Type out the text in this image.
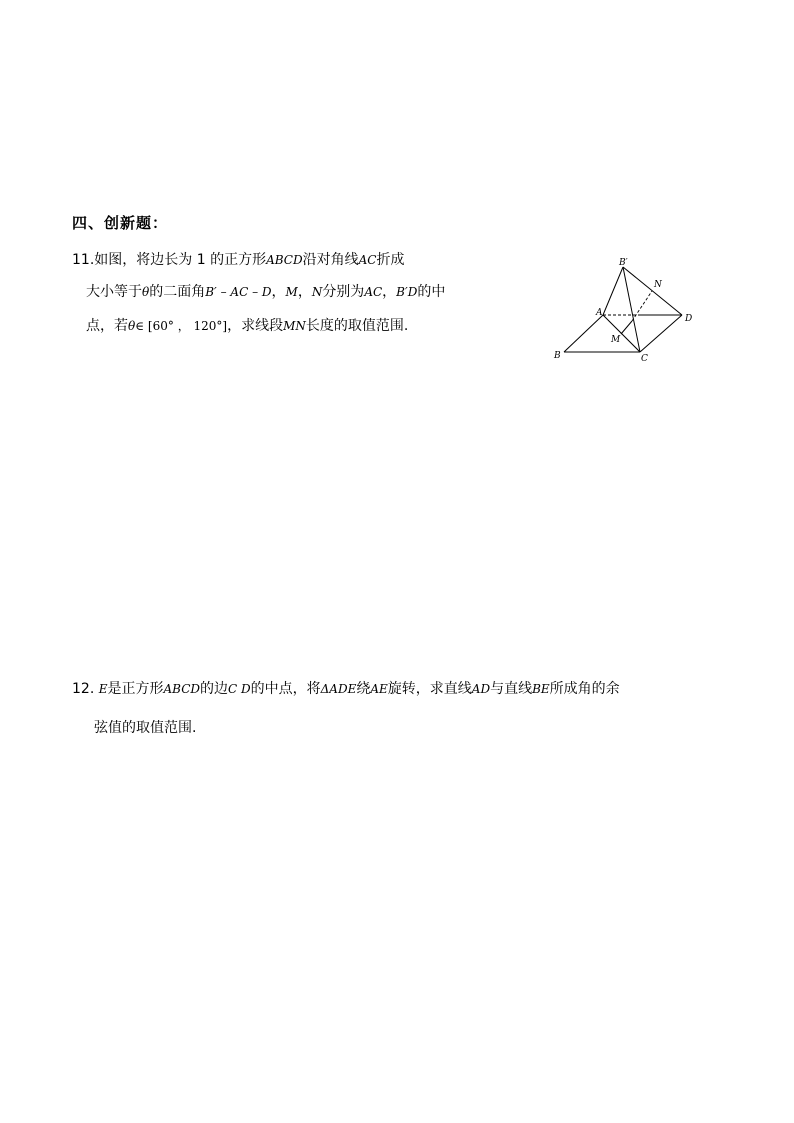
四、创新题：
11.如图，将边长为 1 的正方形ABCD沿对角线AC折成
大小等于θ的二面角B′ – AC – D，M，N分别为AC，B′D的中
点，若θ∈ [60° ， 120°]，求线段MN长度的取值范围.
B′
N
A
D
M
B	C
12. E是正方形ABCD的边C D的中点，将ΔADE绕AE旋转，求直线AD与直线BE所成角的余
弦值的取值范围.
